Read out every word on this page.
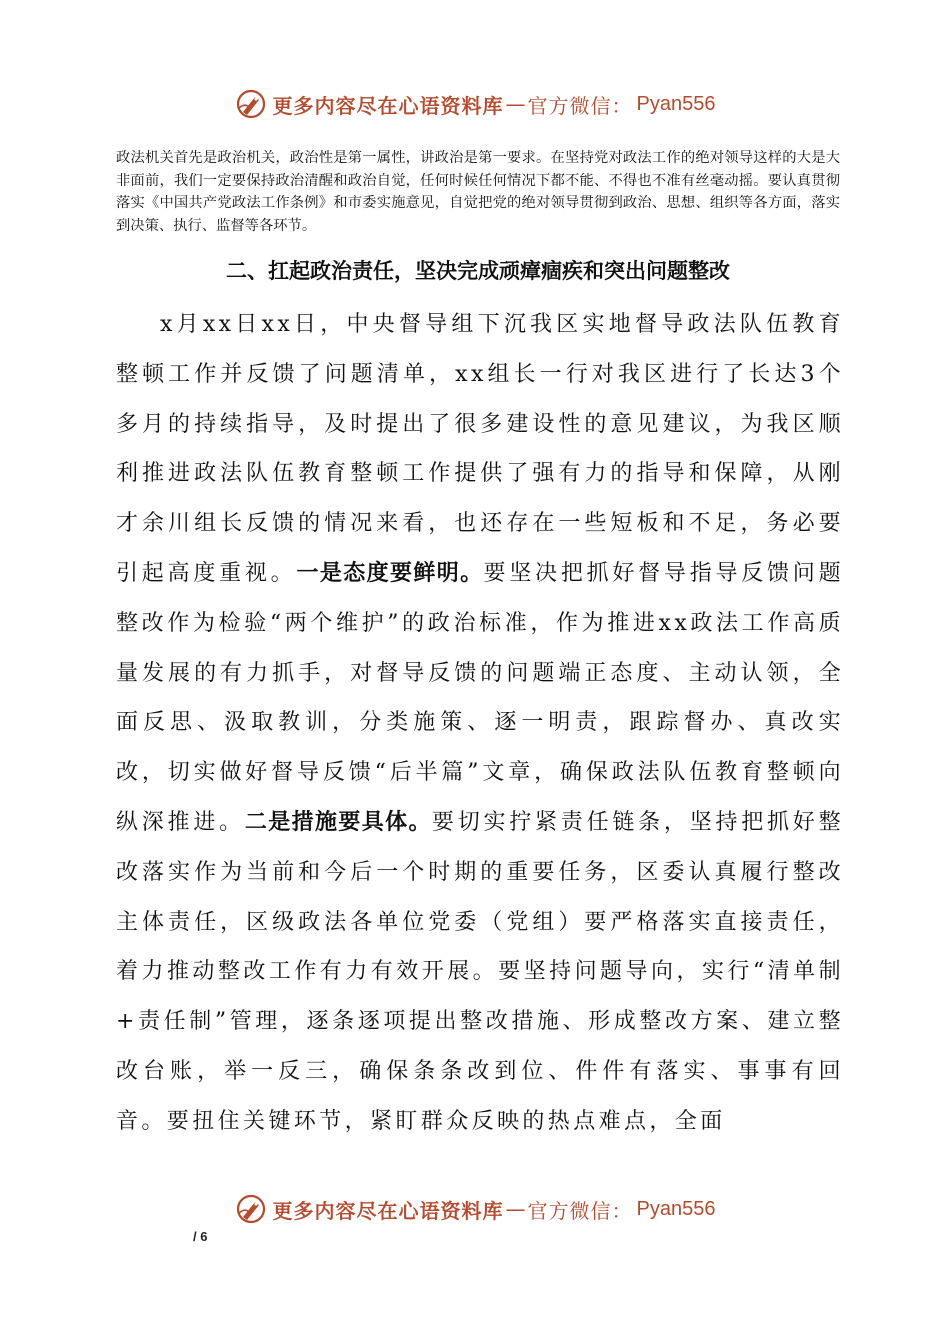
更多内容尽在心语资料库 — 官方微信： Pyan556

政法机关首先是政治机关，政治性是第一属性，讲政治是第一要求。在坚持党对政法工作的绝对领导这样的大是大非面前，我们一定要保持政治清醒和政治自觉，任何时候任何情况下都不能、不得也不准有丝毫动摇。要认真贯彻落实《中国共产党政法工作条例》和市委实施意见，自觉把党的绝对领导贯彻到政治、思想、组织等各方面，落实到决策、执行、监督等各环节。

二、扛起政治责任，坚决完成顽瘴痼疾和突出问题整改

x月xx日xx日，中央督导组下沉我区实地督导政法队伍教育整顿工作并反馈了问题清单，xx组长一行对我区进行了长达3个多月的持续指导，及时提出了很多建设性的意见建议，为我区顺利推进政法队伍教育整顿工作提供了强有力的指导和保障，从刚才余川组长反馈的情况来看，也还存在一些短板和不足，务必要引起高度重视。一是态度要鲜明。要坚决把抓好督导指导反馈问题整改作为检验“两个维护”的政治标准，作为推进xx政法工作高质量发展的有力抓手，对督导反馈的问题端正态度、主动认领，全面反思、汲取教训，分类施策、逐一明责，跟踪督办、真改实改，切实做好督导反馈“后半篇”文章，确保政法队伍教育整顿向纵深推进。二是措施要具体。要切实拧紧责任链条，坚持把抓好整改落实作为当前和今后一个时期的重要任务，区委认真履行整改主体责任，区级政法各单位党委（党组）要严格落实直接责任，着力推动整改工作有力有效开展。要坚持问题导向，实行“清单制+责任制”管理，逐条逐项提出整改措施、形成整改方案、建立整改台账，举一反三，确保条条改到位、件件有落实、事事有回音。要扭住关键环节，紧盯群众反映的热点难点，全面

更多内容尽在心语资料库 — 官方微信： Pyan556
/ 6
